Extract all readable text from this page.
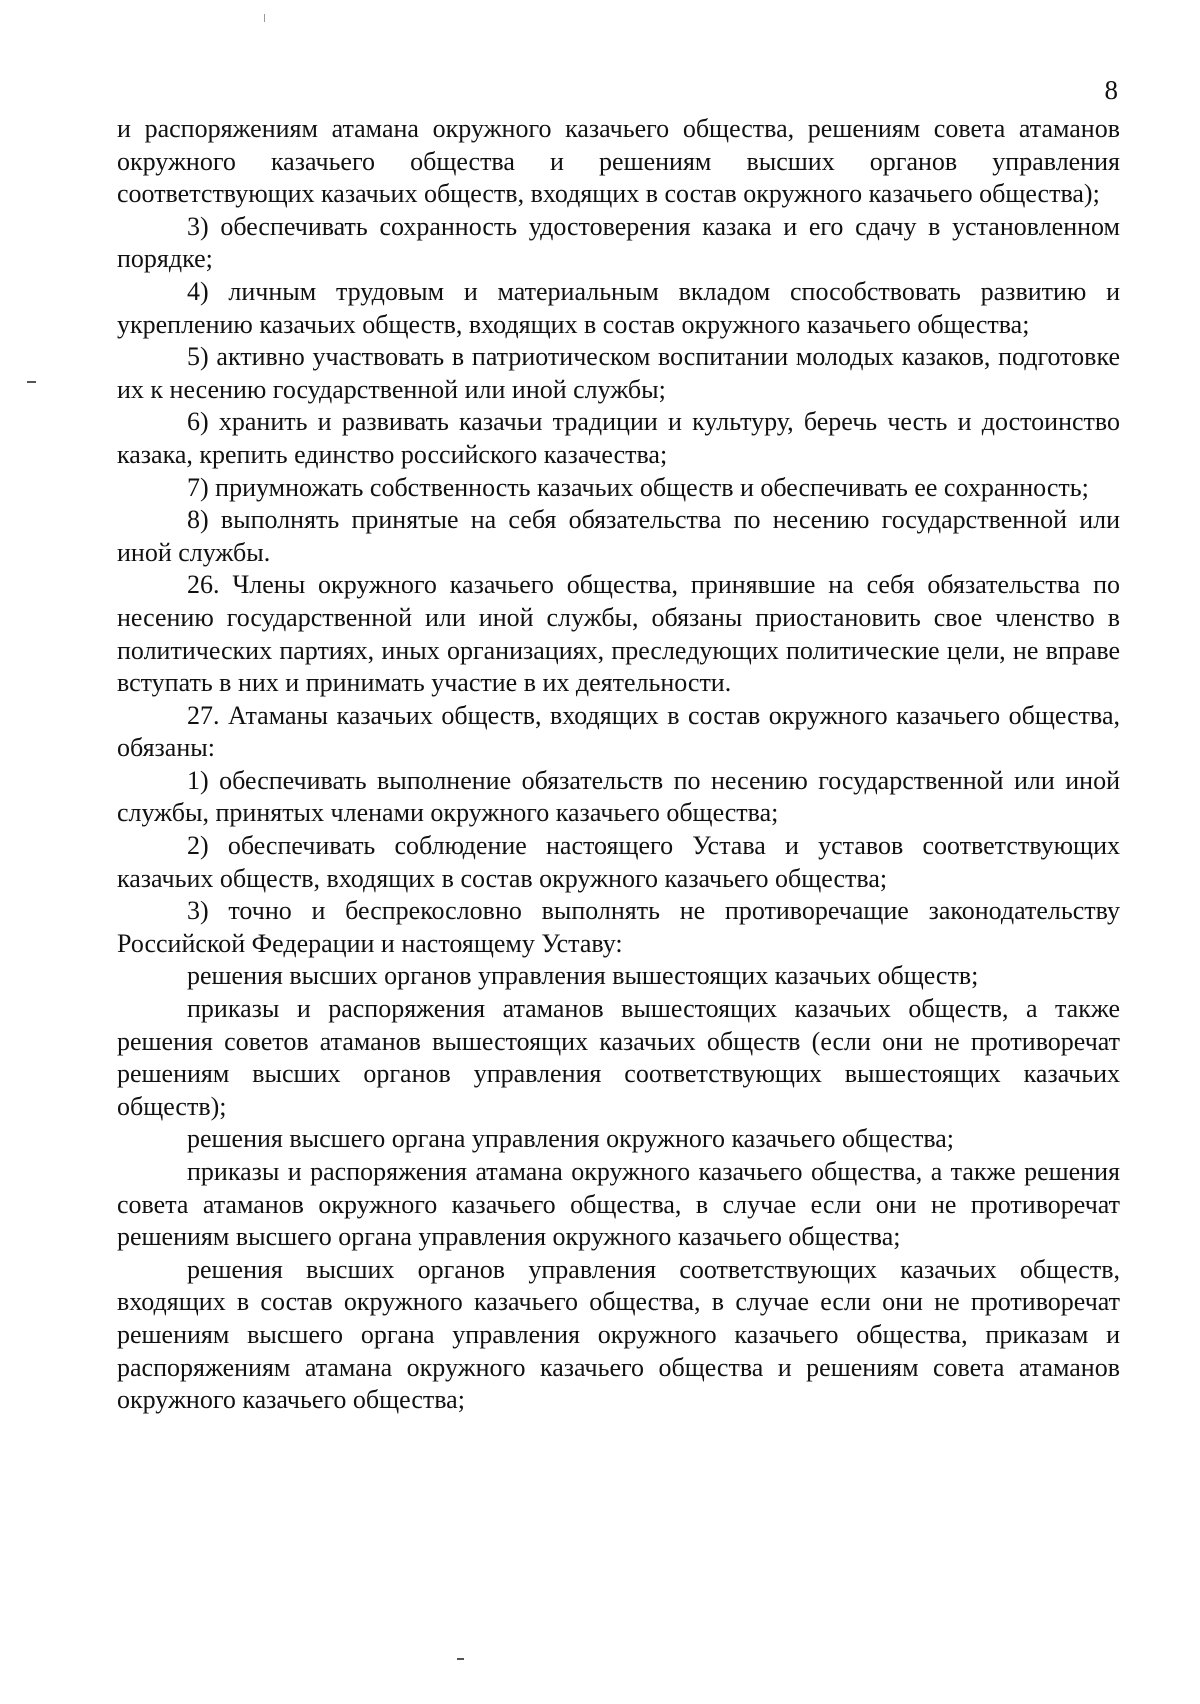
8

и распоряжениям атамана окружного казачьего общества, решениям совета атаманов окружного казачьего общества и решениям высших органов управления соответствующих казачьих обществ, входящих в состав окружного казачьего общества);

3) обеспечивать сохранность удостоверения казака и его сдачу в установленном порядке;

4) личным трудовым и материальным вкладом способствовать развитию и укреплению казачьих обществ, входящих в состав окружного казачьего общества;

5) активно участвовать в патриотическом воспитании молодых казаков, подготовке их к несению государственной или иной службы;

6) хранить и развивать казачьи традиции и культуру, беречь честь и достоинство казака, крепить единство российского казачества;

7) приумножать собственность казачьих обществ и обеспечивать ее сохранность;

8) выполнять принятые на себя обязательства по несению государственной или иной службы.

26. Члены окружного казачьего общества, принявшие на себя обязательства по несению государственной или иной службы, обязаны приостановить свое членство в политических партиях, иных организациях, преследующих политические цели, не вправе вступать в них и принимать участие в их деятельности.

27. Атаманы казачьих обществ, входящих в состав окружного казачьего общества, обязаны:

1) обеспечивать выполнение обязательств по несению государственной или иной службы, принятых членами окружного казачьего общества;

2) обеспечивать соблюдение настоящего Устава и уставов соответствующих казачьих обществ, входящих в состав окружного казачьего общества;

3) точно и беспрекословно выполнять не противоречащие законодательству Российской Федерации и настоящему Уставу:

решения высших органов управления вышестоящих казачьих обществ;

приказы и распоряжения атаманов вышестоящих казачьих обществ, а также решения советов атаманов вышестоящих казачьих обществ (если они не противоречат решениям высших органов управления соответствующих вышестоящих казачьих обществ);

решения высшего органа управления окружного казачьего общества;

приказы и распоряжения атамана окружного казачьего общества, а также решения совета атаманов окружного казачьего общества, в случае если они не противоречат решениям высшего органа управления окружного казачьего общества;

решения высших органов управления соответствующих казачьих обществ, входящих в состав окружного казачьего общества, в случае если они не противоречат решениям высшего органа управления окружного казачьего общества, приказам и распоряжениям атамана окружного казачьего общества и решениям совета атаманов окружного казачьего общества;
